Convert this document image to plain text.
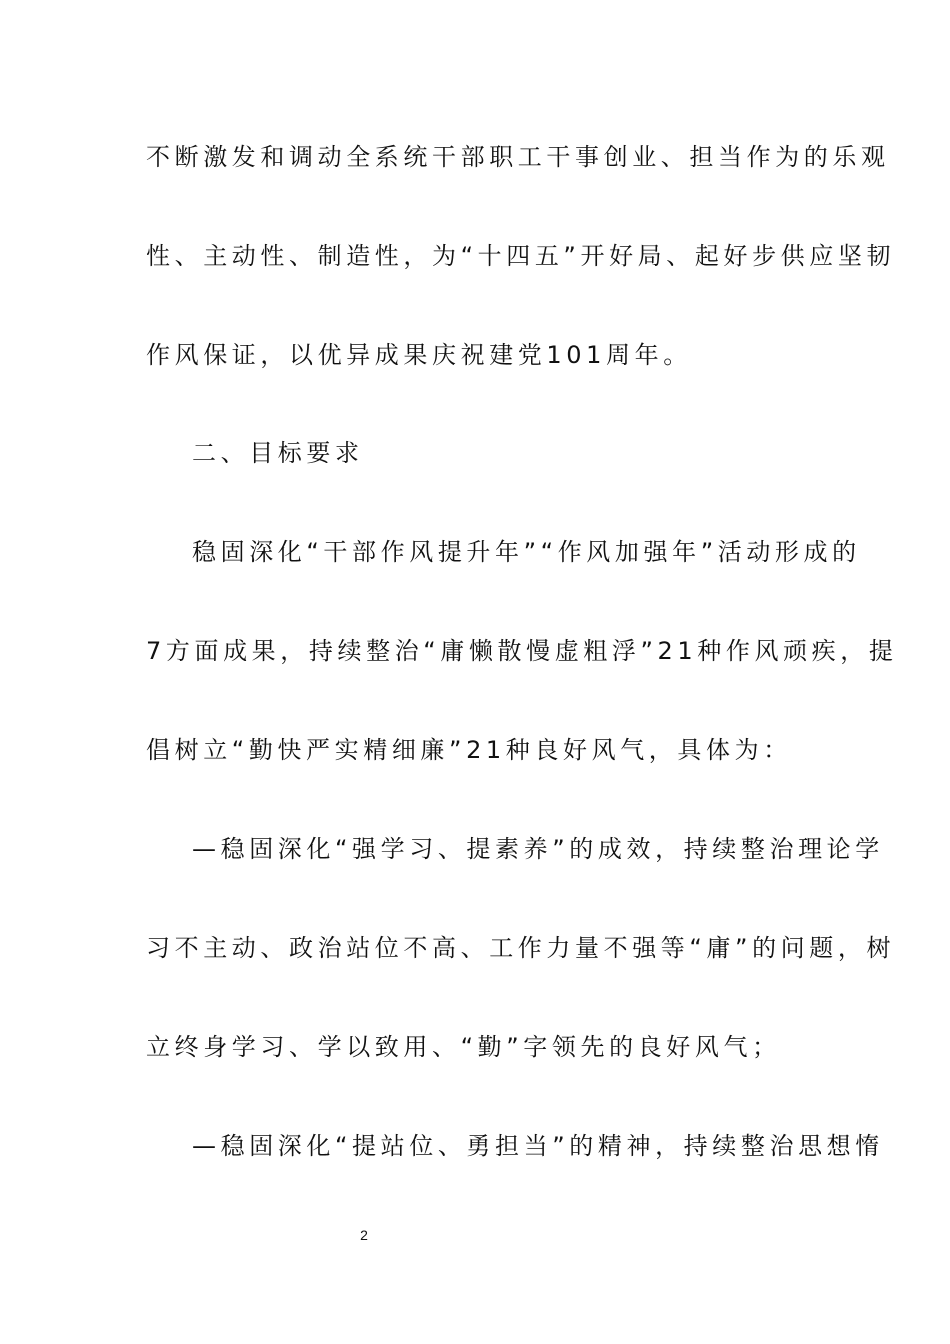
不断激发和调动全系统干部职工干事创业、担当作为的乐观
性、主动性、制造性，为“十四五”开好局、起好步供应坚韧
作风保证，以优异成果庆祝建党101周年。
二、目标要求
稳固深化“干部作风提升年”“作风加强年”活动形成的
7方面成果，持续整治“庸懒散慢虚粗浮”21种作风顽疾，提
倡树立“勤快严实精细廉”21种良好风气，具体为：
—稳固深化“强学习、提素养”的成效，持续整治理论学
习不主动、政治站位不高、工作力量不强等“庸”的问题，树
立终身学习、学以致用、“勤”字领先的良好风气；
—稳固深化“提站位、勇担当”的精神，持续整治思想惰
2
